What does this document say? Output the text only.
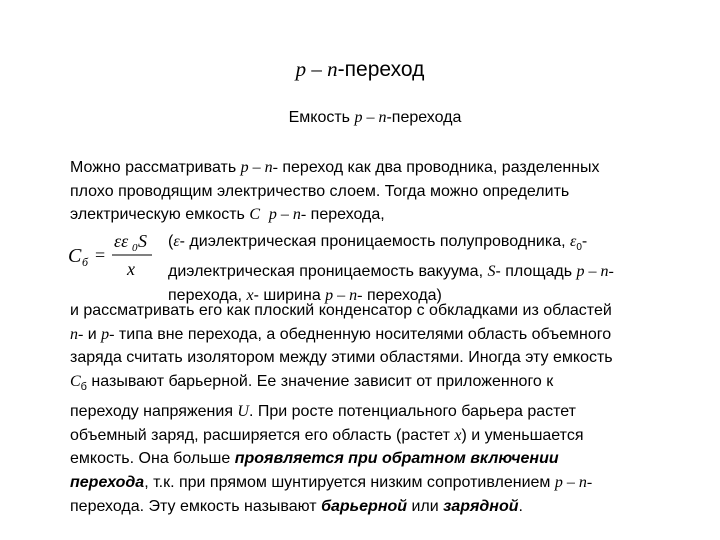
p – n-переход
Емкость p – n-перехода
Можно рассматривать p – n- переход как два проводника, разделенных
плохо проводящим электричество слоем. Тогда можно определить
электрическую емкость C p – n- перехода,
C б =
εε 0 S
x
(ε- диэлектрическая проницаемость полупроводника, $\varepsilon_0-$
диэлектрическая проницаемость вакуума, S- площадь p – n-
перехода, x- ширина p – n- перехода)
и рассматривать его как плоский конденсатор с обкладками из областей
n- и p- типа вне перехода, а обедненную носителями область объемного
заряда считать изолятором между этими областями. Иногда эту емкость
$C_б$ называют барьерной. Ее значение зависит от приложенного к
переходу напряжения U. При росте потенциального барьера растет
объемный заряд, расширяется его область (растет x) и уменьшается
емкость. Она больше проявляется при обратном включении
перехода, т.к. при прямом шунтируется низким сопротивлением p – n-
перехода. Эту емкость называют барьерной или зарядной.
